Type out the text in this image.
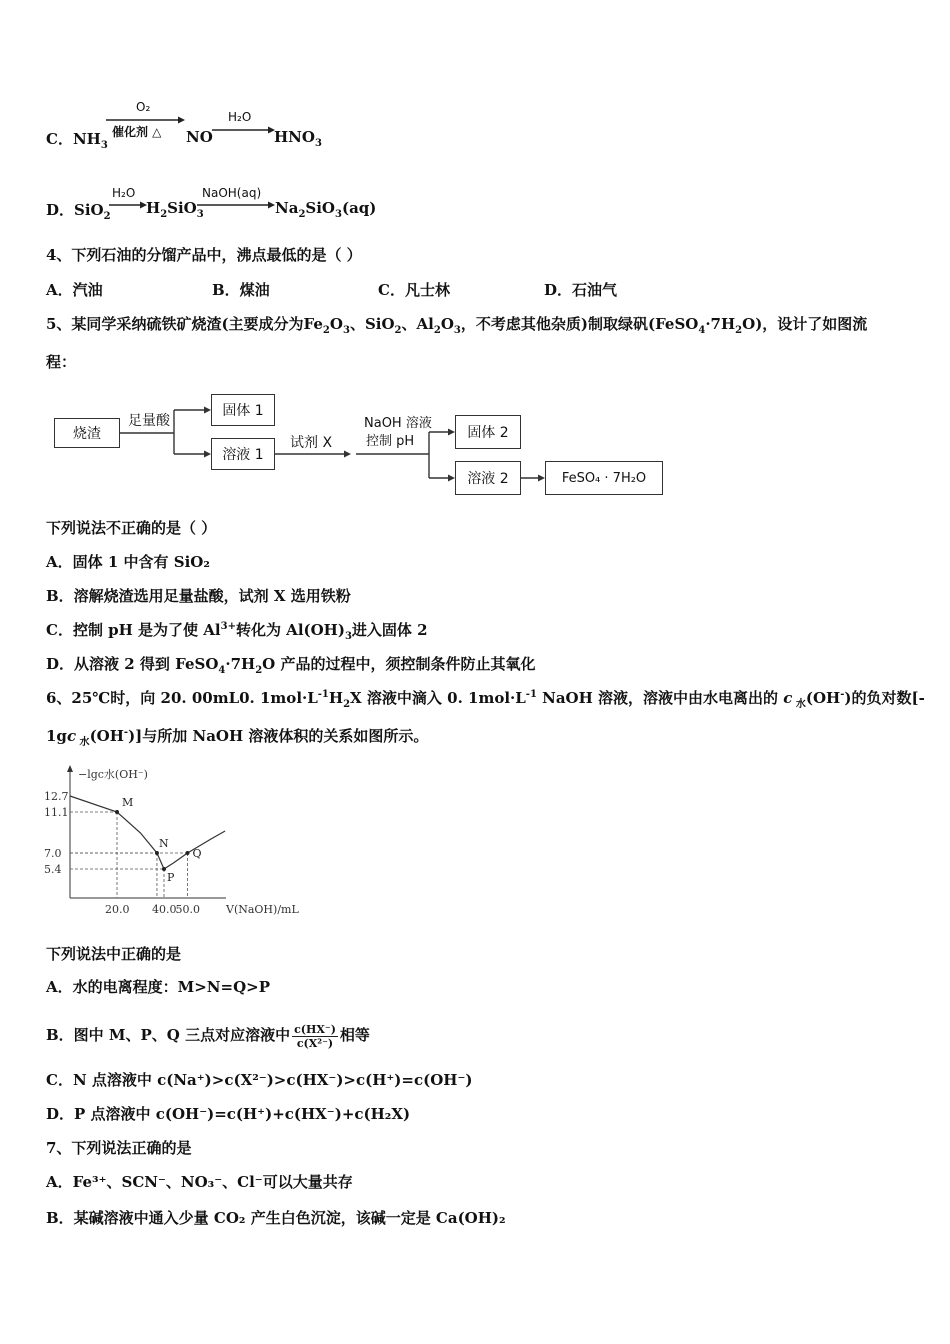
C．$NH_3$
O₂
催化剂 △ NO
H₂O
$HNO_3$
D．SiO$_2$
H₂O
$H_2SiO_3$
NaOH(aq)
$Na_2SiO_3(aq)$
4、下列石油的分馏产品中，沸点最低的是（ ）
A．汽油	B．煤油	C．凡士林	D．石油气
5、某同学采纳硫铁矿烧渣(主要成分为$Fe_2O_3$、SiO$_2$、$Al_2O_3$，不考虑其他杂质)制取绿矾$(FeSO_4\cdot 7H_2O)$，设计了如图流
程：
烧渣
足量酸
固体 1
溶液 1
试剂 X
NaOH 溶液
控制 pH
固体 2
溶液 2	FeSO₄ · 7H₂O
下列说法不正确的是（ ）
A．固体 1 中含有 SiO₂
B．溶解烧渣选用足量盐酸，试剂 X 选用铁粉
C．控制 pH 是为了使 $Al^{3+}$转化为 $Al(OH)_3$进入固体 2
D．从溶液 2 得到 $FeSO_4\cdot 7H_2O$ 产品的过程中，须控制条件防止其氧化
6、25℃时，向 20. 00mL0. $1mol\cdot L^{-1}H_2X$ 溶液中滴入 0. $1mol\cdot L^{-1}$ NaOH 溶液，溶液中由水电离出的 c $_水$(OH-)的负对数[-
1gc $_水$(OH-)]与所加 NaOH 溶液体积的关系如图所示。
−lgc水(OH⁻)
V(NaOH)/mL
12.7
11.1
7.0
5.4
20.0 40.0 50.0
M
N
P
Q
下列说法中正确的是
A．水的电离程度：M>N=Q>P
B．图中 M、P、Q 三点对应溶液中 $\frac{c(HX^-)}{\text{c(X²⁻)}}$ 相等
C．N 点溶液中 c(Na⁺)>c(X²⁻)>c(HX⁻)>c(H⁺)=c(OH⁻)
D．P 点溶液中 c(OH⁻)=c(H⁺)+c(HX⁻)+c(H₂X)
7、下列说法正确的是
A．Fe³⁺、SCN⁻、NO₃⁻、Cl⁻可以大量共存
B．某碱溶液中通入少量 CO₂ 产生白色沉淀，该碱一定是 Ca(OH)₂
